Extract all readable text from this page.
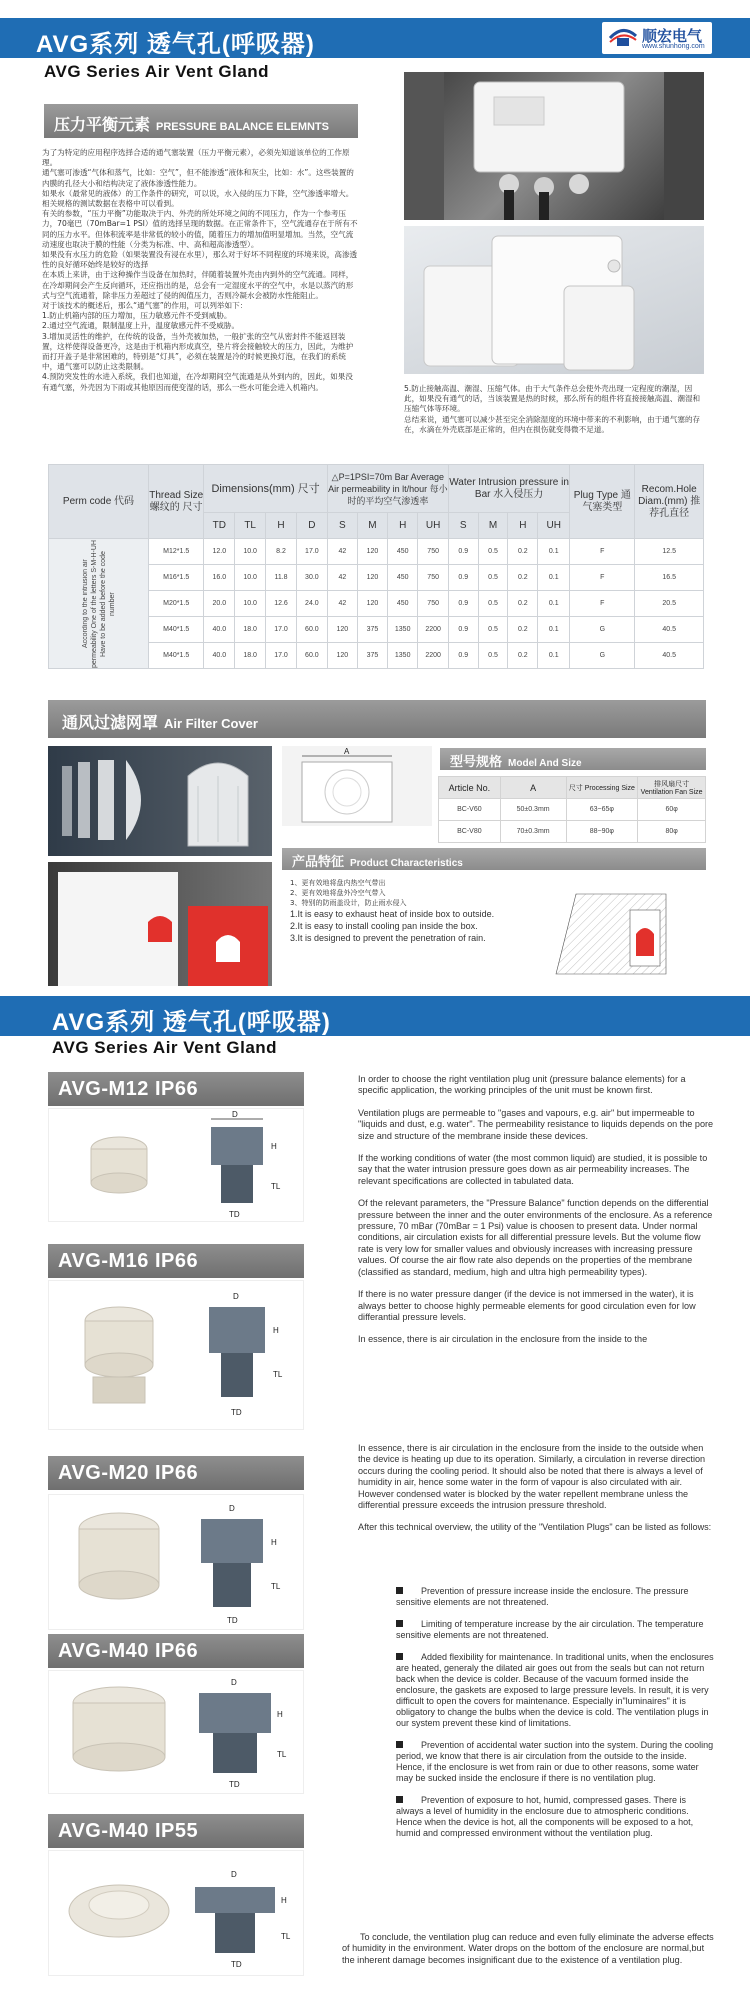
AVG系列 透气孔(呼吸器)	顺宏电气
www.shunhong.com
AVG Series Air Vent Gland
压力平衡元素 PRESSURE BALANCE ELEMNTS

为了为特定的应用程序选择合适的通气塞装置（压力平衡元素），必须先知道该单位的工作原理。

通气塞可渗透“气体和蒸气，比如：空气”，但不能渗透“液体和灰尘，比如：水”。这些装置的内膜的孔径大小和结构决定了液体渗透性能力。

如果水（最常见的液体）的工作条件的研究，可以说，水入侵的压力下降，空气渗透率增大。相关规格的测试数据在表格中可以看到。

有关的参数，“压力平衡”功能取决于内、外壳的所处环境之间的不同压力，作为一个参考压力，70毫巴（70mBar=1 PSI）值的选择呈现的数据。在正常条件下，空气流通存在于所有不同的压力水平。但体积流率是非常低的较小的值，随着压力的增加值明显增加。当然，空气流动速度也取决于膜的性能（分类为标准、中、高和超高渗透型）。

如果没有水压力的危险（如果装置没有浸在水里），那么对于好坏不同程度的环境来说，高渗透性的良好循环始终是较好的选择

在本质上来讲，由于这种操作当设备在加热时，伴随着装置外壳由内到外的空气流通。同样，在冷却期间会产生反向循环，还应指出的是，总会有一定湿度水平的空气中，水是以蒸汽的形式与空气流通着，除非压力差超过了侵的阀值压力，否则冷凝水会被防水性能阻止。

对于该技术的概述后，那么“通气塞”的作用，可以列举如下：

1.防止机箱内部的压力增加，压力敏感元件不受到威胁。

2.通过空气流通，限制温度上升，温度敏感元件不受威胁。

3.增加灵活性的维护，在传统的设备，当外壳被加热，一般扩张的空气从密封件不能返回装置，这样使得设备更冷，这是由于机箱内形成真空，垫片将会接触较大的压力，因此，为维护而打开盖子是非常困难的，特别是“灯具”，必须在装置是冷的时候更换灯泡，在我们的系统中，通气塞可以防止这类限制。

4.预防突发性的水进入系统，我们也知道，在冷却期间空气流通是从外到内的，因此，如果没有通气塞，外壳因为下雨或其他原因而使变湿的话，那么一些水可能会进入机箱内。	5.防止接触高温、潮湿、压缩气体。由于大气条件总会使外壳出现一定程度的潮湿，因此，如果没有通气的话，当该装置是热的时候，那么所有的组件将直接接触高温、潮湿和压缩气体等环境。

总结来说，通气塞可以减少甚至完全消除湿度的环境中带来的不利影响，由于通气塞的存在，水滴在外壳底部是正常的，但内在损伤就变得微不足道。

Perm code 代码	Thread Size 螺纹的 尺寸	Dimensions(mm) 尺寸				△P=1PSI=70m Bar Average Air permeability in lt/hour 每小时的平均空气渗透率				Water Intrusion pressure in Bar 水入侵压力				Plug Type 通气塞类型	Recom.Hole Diam.(mm) 推荐孔直径
		TD	TL	H	D	S	M	H	UH	S	M	H	UH		

According to the intrusion air permeability One of the letters S-M-H-UH Have to be added before the code number	M12*1.5	12.0	10.0	8.2	17.0	42	120	450	750	0.9	0.5	0.2	0.1	F	12.5
	M16*1.5	16.0	10.0	11.8	30.0	42	120	450	750	0.9	0.5	0.2	0.1	F	16.5
	M20*1.5	20.0	10.0	12.6	24.0	42	120	450	750	0.9	0.5	0.2	0.1	F	20.5
	M40*1.5	40.0	18.0	17.0	60.0	120	375	1350	2200	0.9	0.5	0.2	0.1	G	40.5
	M40*1.5	40.0	18.0	17.0	60.0	120	375	1350	2200	0.9	0.5	0.2	0.1	G	40.5
通风过滤网罩 Air Filter Cover
A
型号规格 Model And Size
Article No.	A	尺寸 Processing Size	排风扇尺寸 Ventilation Fan Size
BC-V60	50±0.3mm	63~65φ	60φ
BC-V80	70±0.3mm	88~90φ	80φ
产品特征 Product Characteristics
1、更有效地将盘内热空气带出
2、更有效地将盘外冷空气带入
3、特别的防雨盖设计，防止雨水侵入
1.It is easy to exhaust heat of inside box to outside.
2.It is easy to install cooling pan inside the box.
3.It is designed to prevent the penetration of rain.
AVG系列 透气孔(呼吸器)
AVG Series Air Vent Gland
AVG-M12 IP66
D
H
TL
TD
AVG-M16 IP66
D
H
TL
TD
AVG-M20 IP66
D
H
TL
TD
AVG-M40 IP66
D
H
TL
TD
AVG-M40 IP55
D
H
TL
TD

In order to choose the right ventilation plug unit (pressure balance elements) for a specific application, the working principles of the unit must be known first.

Ventilation plugs are permeable to "gases and vapours, e.g. air" but impermeable to "liquids and dust, e.g. water". The permeability resistance to liquids depends on the pore size and structure of the membrane inside these devices.

If the working conditions of water (the most common liquid) are studied, it is possible to say that the water intrusion pressure goes down as air permeability increases. The relevant specifications are collected in tabulated data.

Of the relevant parameters, the "Pressure Balance" function depends on the differential pressure between the inner and the outer environments of the enclosure. As a reference pressure, 70 mBar (70mBar = 1 Psi) value is choosen to present data. Under normal conditions, air circulation exists for all differential pressure levels. But the volume flow rate is very low for smaller values and obviously increases with increasing pressure values. Of course the air flow rate also depends on the properties of the membrane (classified as standard, medium, high and ultra high permeability types).

If there is no water pressure danger (if the device is not immersed in the water), it is always better to choose highly permeable elements for good circulation even for low differantial pressure levels.

In essence, there is air circulation in the enclosure from the inside to the

In essence, there is air circulation in the enclosure from the inside to the outside when the device is heating up due to its operation. Similarly, a circulation in reverse direction occurs during the cooling period. It should also be noted that there is always a level of humidity in air, hence some water in the form of vapour is also circulated with air. However condensed water is blocked by the water repellent membrane unless the differential pressure exceeds the intrusion pressure threshold.

After this technical overview, the utility of the "Ventilation Plugs" can be listed as follows:

Prevention of pressure increase inside the enclosure. The pressure sensitive elements are not threatened.

Limiting of temperature increase by the air circulation. The temperature sensitive elements are not threatened.

Added flexibility for maintenance. In traditional units, when the enclosures are heated, generaly the dilated air goes out from the seals but can not return back when the device is colder. Because of the vacuum formed inside the enclosure, the gaskets are exposed to large pressure levels. In result, it is very difficult to open the covers for maintenance. Especially in"luminaires" it is obligatory to change the bulbs when the device is cold. The ventilation plugs in our system prevent these kind of limitations.

Prevention of accidental water suction into the system. During the cooling period, we know that there is air circulation from the outside to the inside. Hence, if the enclosure is wet from rain or due to other reasons, some water may be sucked inside the enclosure if there is no ventilation plug.

Prevention of exposure to hot, humid, compressed gases. There is always a level of humidity in the enclosure due to atmospheric conditions. Hence when the device is hot, all the components will be exposed to a hot, humid and compressed environment without the ventilation plug.

To conclude, the ventilation plug can reduce and even fully eliminate the adverse effects of humidity in the environment. Water drops on the bottom of the enclosure are normal,but the inherent damage becomes insignificant due to the existence of a ventilation plug.
